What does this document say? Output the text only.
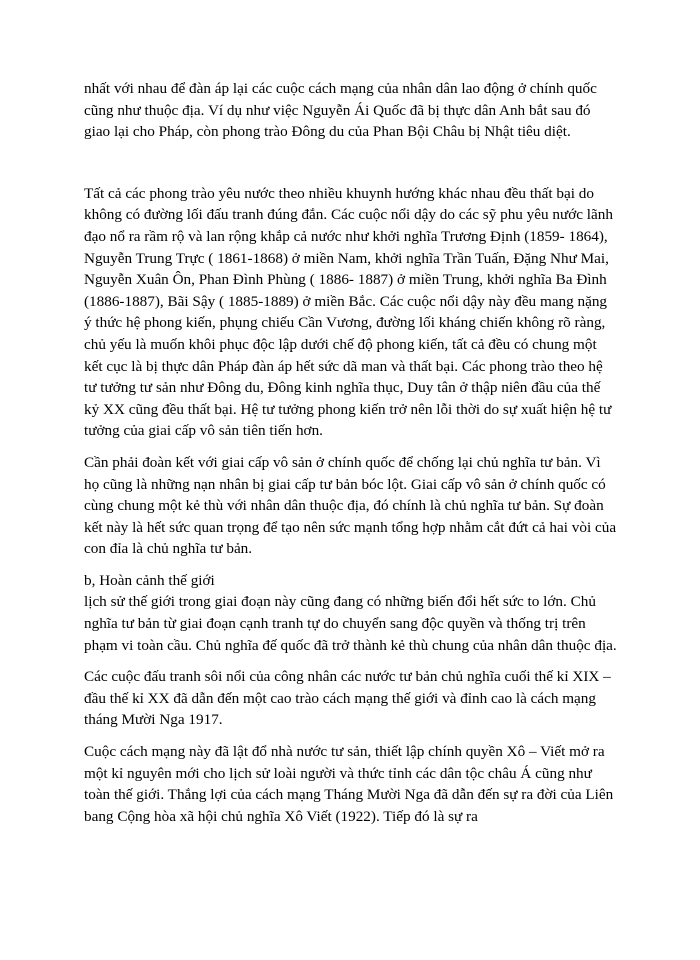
nhất với nhau để đàn áp lại các cuộc cách mạng của nhân dân lao động ở chính quốc cũng như thuộc địa. Ví dụ như việc Nguyễn Ái Quốc đã bị thực dân Anh bắt sau đó giao lại cho Pháp, còn phong trào Đông du của Phan Bội Châu bị Nhật tiêu diệt.

Tất cả các phong trào yêu nước theo nhiều khuynh hướng khác nhau đều thất bại do không có đường lối đấu tranh đúng đắn. Các cuộc nổi dậy do các sỹ phu yêu nước lãnh đạo nổ ra rầm rộ và lan rộng khắp cả nước như khởi nghĩa Trương Định (1859- 1864), Nguyễn Trung Trực ( 1861-1868) ở miền Nam, khởi nghĩa Trần Tuấn, Đặng Như Mai, Nguyễn Xuân Ôn, Phan Đình Phùng ( 1886- 1887) ở miền Trung, khởi nghĩa Ba Đình (1886-1887), Bãi Sậy ( 1885-1889) ở miền Bắc. Các cuộc nổi dậy này đều mang nặng ý thức hệ phong kiến, phụng chiếu Cần Vương, đường lối kháng chiến không rõ ràng, chủ yếu là muốn khôi phục độc lập dưới chế độ phong kiến, tất cả đều có chung một kết cục là bị thực dân Pháp đàn áp hết sức dã man và thất bại. Các phong trào theo hệ tư tưởng tư sản như Đông du, Đông kinh nghĩa thục, Duy tân ở thập niên đầu của thế kỷ XX cũng đều thất bại. Hệ tư tưởng phong kiến trở nên lỗi thời do sự xuất hiện hệ tư tưởng của giai cấp vô sản tiên tiến hơn.

Cần phải đoàn kết với giai cấp vô sản ở chính quốc để chống lại chủ nghĩa tư bản. Vì họ cũng là những nạn nhân bị giai cấp tư bản bóc lột. Giai cấp vô sản ở chính quốc có cùng chung một kẻ thù với nhân dân thuộc địa, đó chính là chủ nghĩa tư bản. Sự đoàn kết này là hết sức quan trọng để tạo nên sức mạnh tổng hợp nhằm cắt đứt cả hai vòi của con đỉa là chủ nghĩa tư bản.

b, Hoàn cảnh thế giới

lịch sử thế giới trong giai đoạn này cũng đang có những biến đổi hết sức to lớn. Chủ nghĩa tư bản từ giai đoạn cạnh tranh tự do chuyển sang độc quyền và thống trị trên phạm vi toàn cầu. Chủ nghĩa đế quốc đã trở thành kẻ thù chung của nhân dân thuộc địa.

Các cuộc đấu tranh sôi nổi của công nhân các nước tư bản chủ nghĩa cuối thế kỉ XIX – đầu thế kỉ XX đã dẫn đến một cao trào cách mạng thế giới và đỉnh cao là cách mạng tháng Mười Nga 1917.

Cuộc cách mạng này đã lật đổ nhà nước tư sản, thiết lập chính quyền Xô – Viết mở ra một kỉ nguyên mới cho lịch sử loài người và thức tỉnh các dân tộc châu Á cũng như toàn thế giới. Thắng lợi của cách mạng Tháng Mười Nga đã dẫn đến sự ra đời của Liên bang Cộng hòa xã hội chủ nghĩa Xô Viết (1922). Tiếp đó là sự ra
